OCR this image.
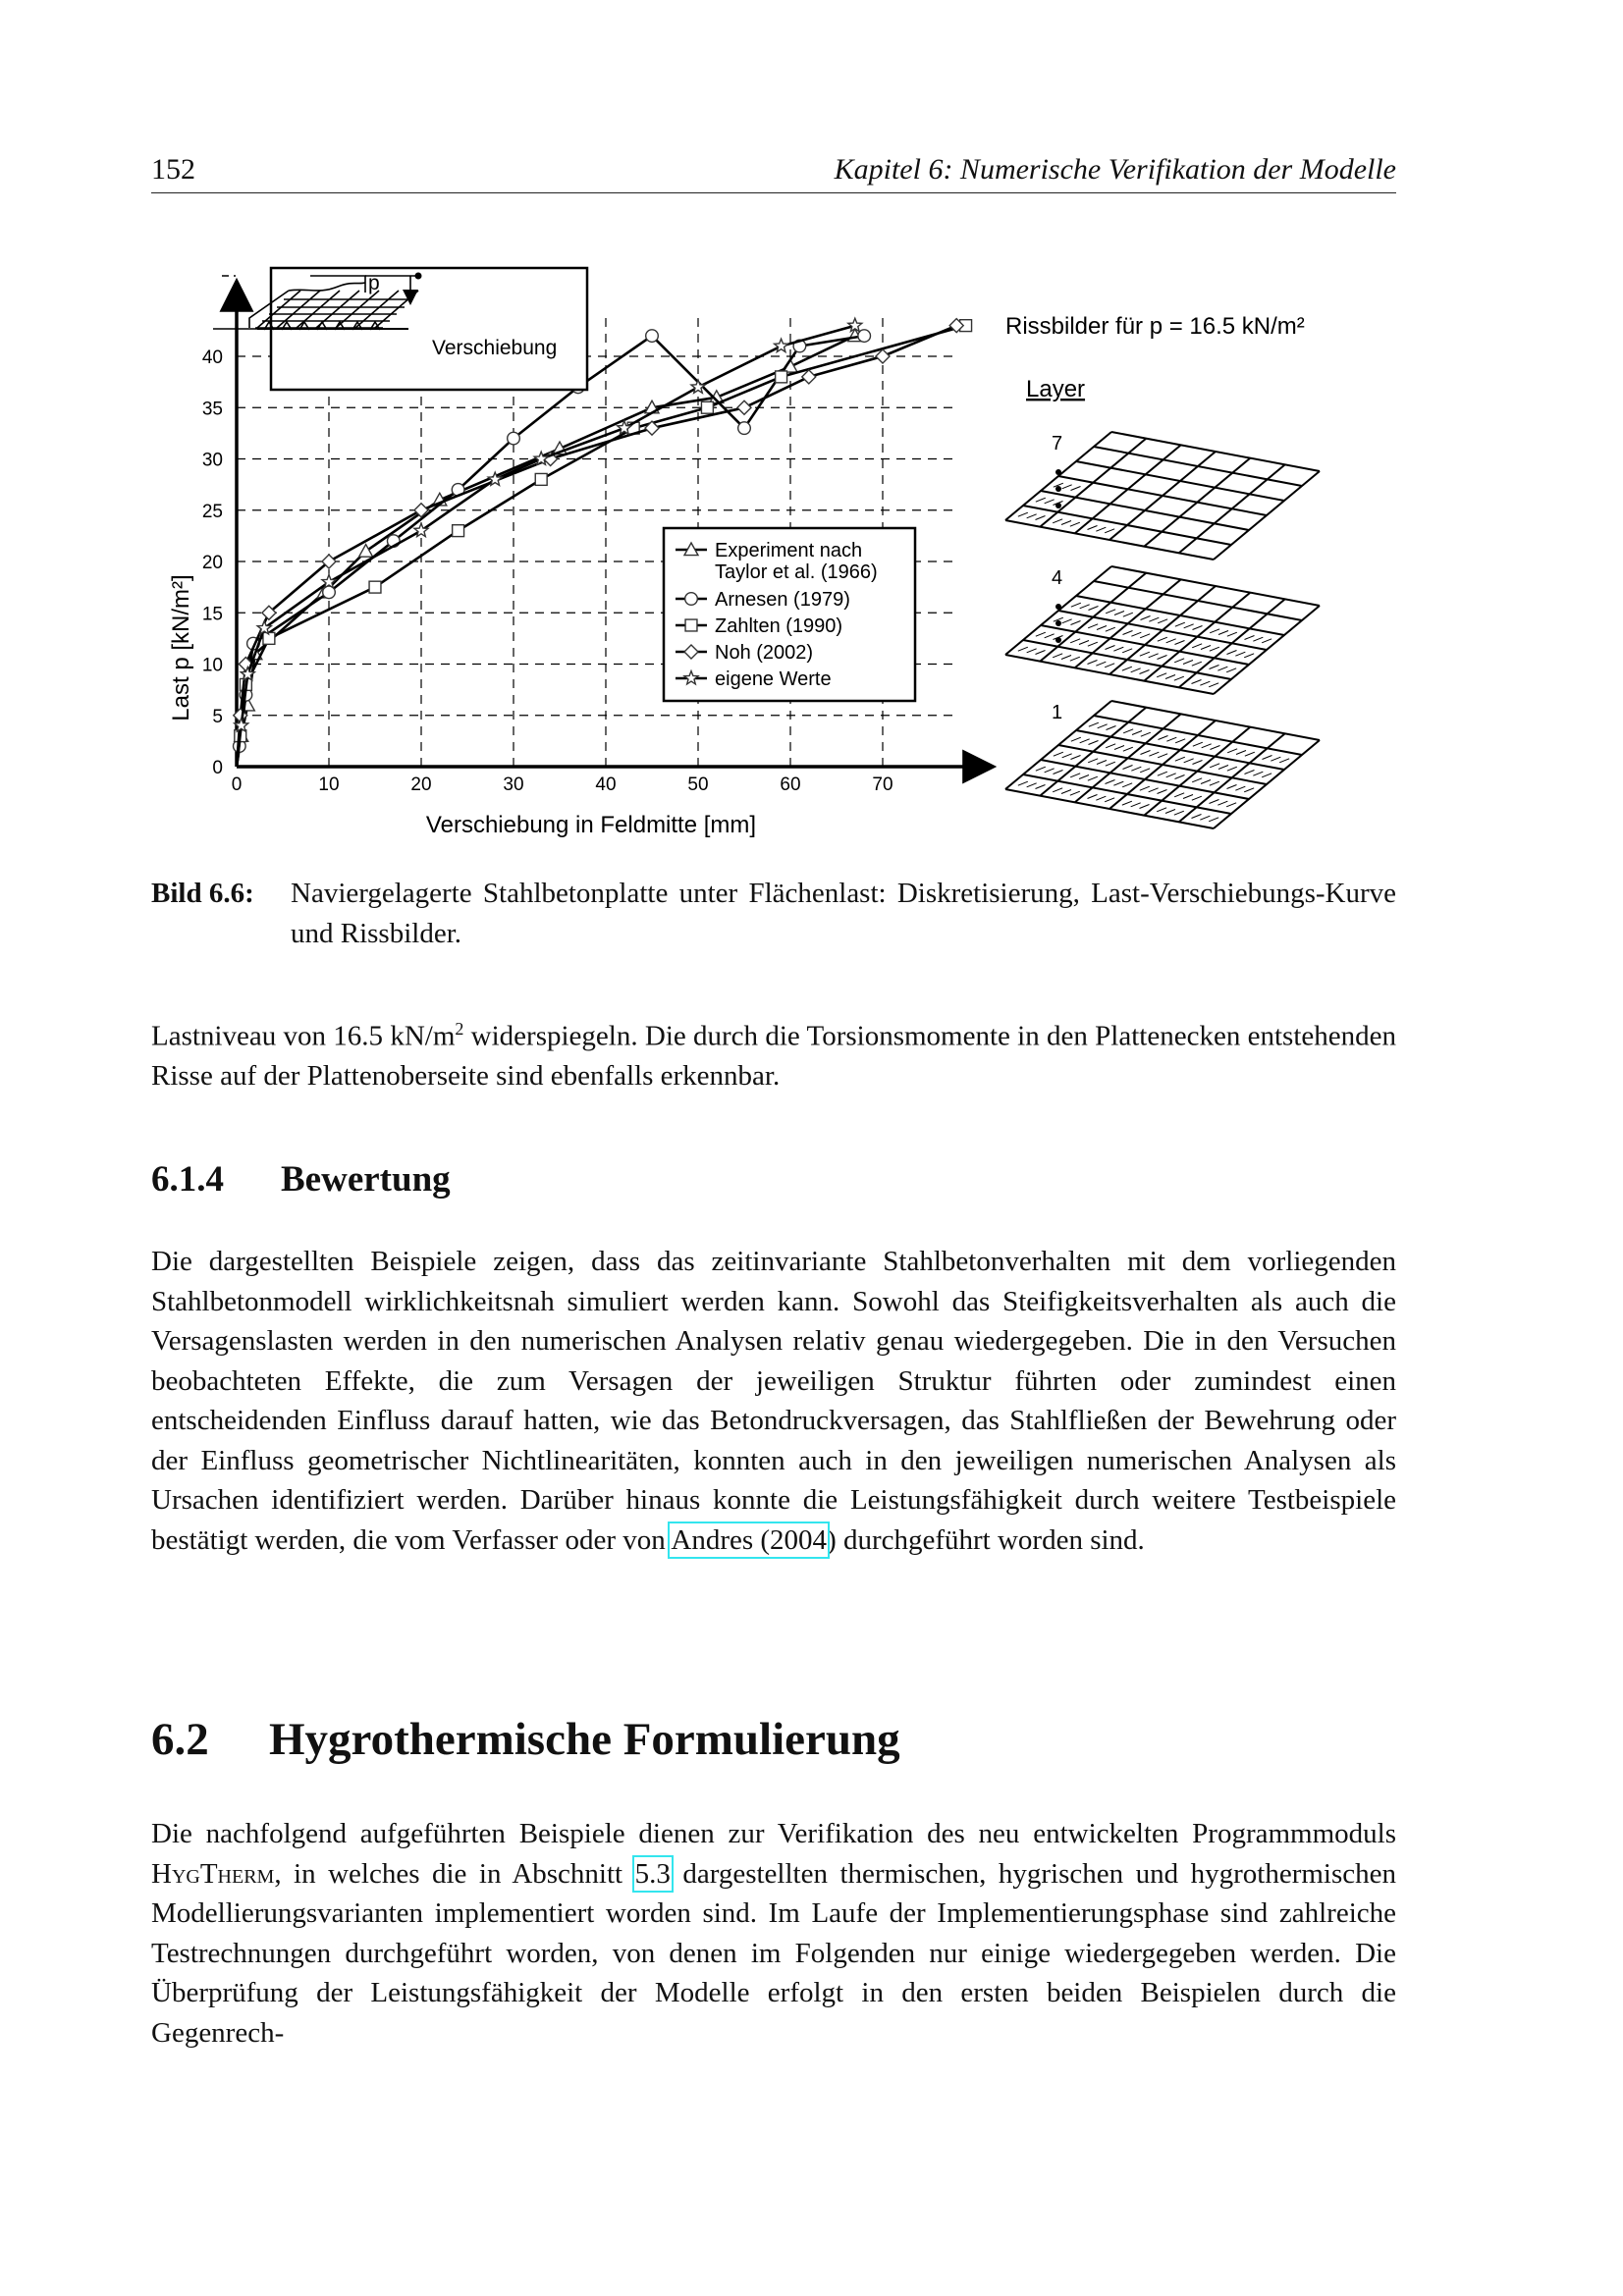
152	Kapitel 6: Numerische Verifikation der Modelle
0	10	20	30	40	50	60	70
0
5
10
15
20
25
30
35
40
p
Verschiebung
Experiment nach
Taylor et al. (1966)
Arnesen (1979)
Zahlten (1990)
Noh (2002)
eigene Werte
Verschiebung in Feldmitte [mm]
Last p [kN/m²]
Rissbilder für p = 16.5 kN/m²
Layer
7
4
1
Bild 6.6: Naviergelagerte Stahlbetonplatte unter Flächenlast: Diskretisierung, Last-Verschiebungs-Kurve und Rissbilder.
Lastniveau von 16.5 $kN/m^2$ widerspiegeln. Die durch die Torsionsmomente in den Plattenecken entstehenden Risse auf der Plattenoberseite sind ebenfalls erkennbar.
6.1.4 Bewertung
Die dargestellten Beispiele zeigen, dass das zeitinvariante Stahlbetonverhalten mit dem vorliegenden Stahlbetonmodell wirklichkeitsnah simuliert werden kann. Sowohl das Steifigkeitsverhalten als auch die Versagenslasten werden in den numerischen Analysen relativ genau wiedergegeben. Die in den Versuchen beobachteten Effekte, die zum Versagen der jeweiligen Struktur führten oder zumindest einen entscheidenden Einfluss darauf hatten, wie das Betondruckversagen, das Stahlfließen der Bewehrung oder der Einfluss geometrischer Nichtlinearitäten, konnten auch in den jeweiligen numerischen Analysen als Ursachen identifiziert werden. Darüber hinaus konnte die Leistungsfähigkeit durch weitere Testbeispiele bestätigt werden, die vom Verfasser oder von Andres (2004) durchgeführt worden sind.
6.2 Hygrothermische Formulierung
Die nachfolgend aufgeführten Beispiele dienen zur Verifikation des neu entwickelten Programmmoduls HygTherm, in welches die in Abschnitt 5.3 dargestellten thermischen, hygrischen und hygrothermischen Modellierungsvarianten implementiert worden sind. Im Laufe der Implementierungsphase sind zahlreiche Testrechnungen durchgeführt worden, von denen im Folgenden nur einige wiedergegeben werden. Die Überprüfung der Leistungsfähigkeit der Modelle erfolgt in den ersten beiden Beispielen durch die Gegenrech-
